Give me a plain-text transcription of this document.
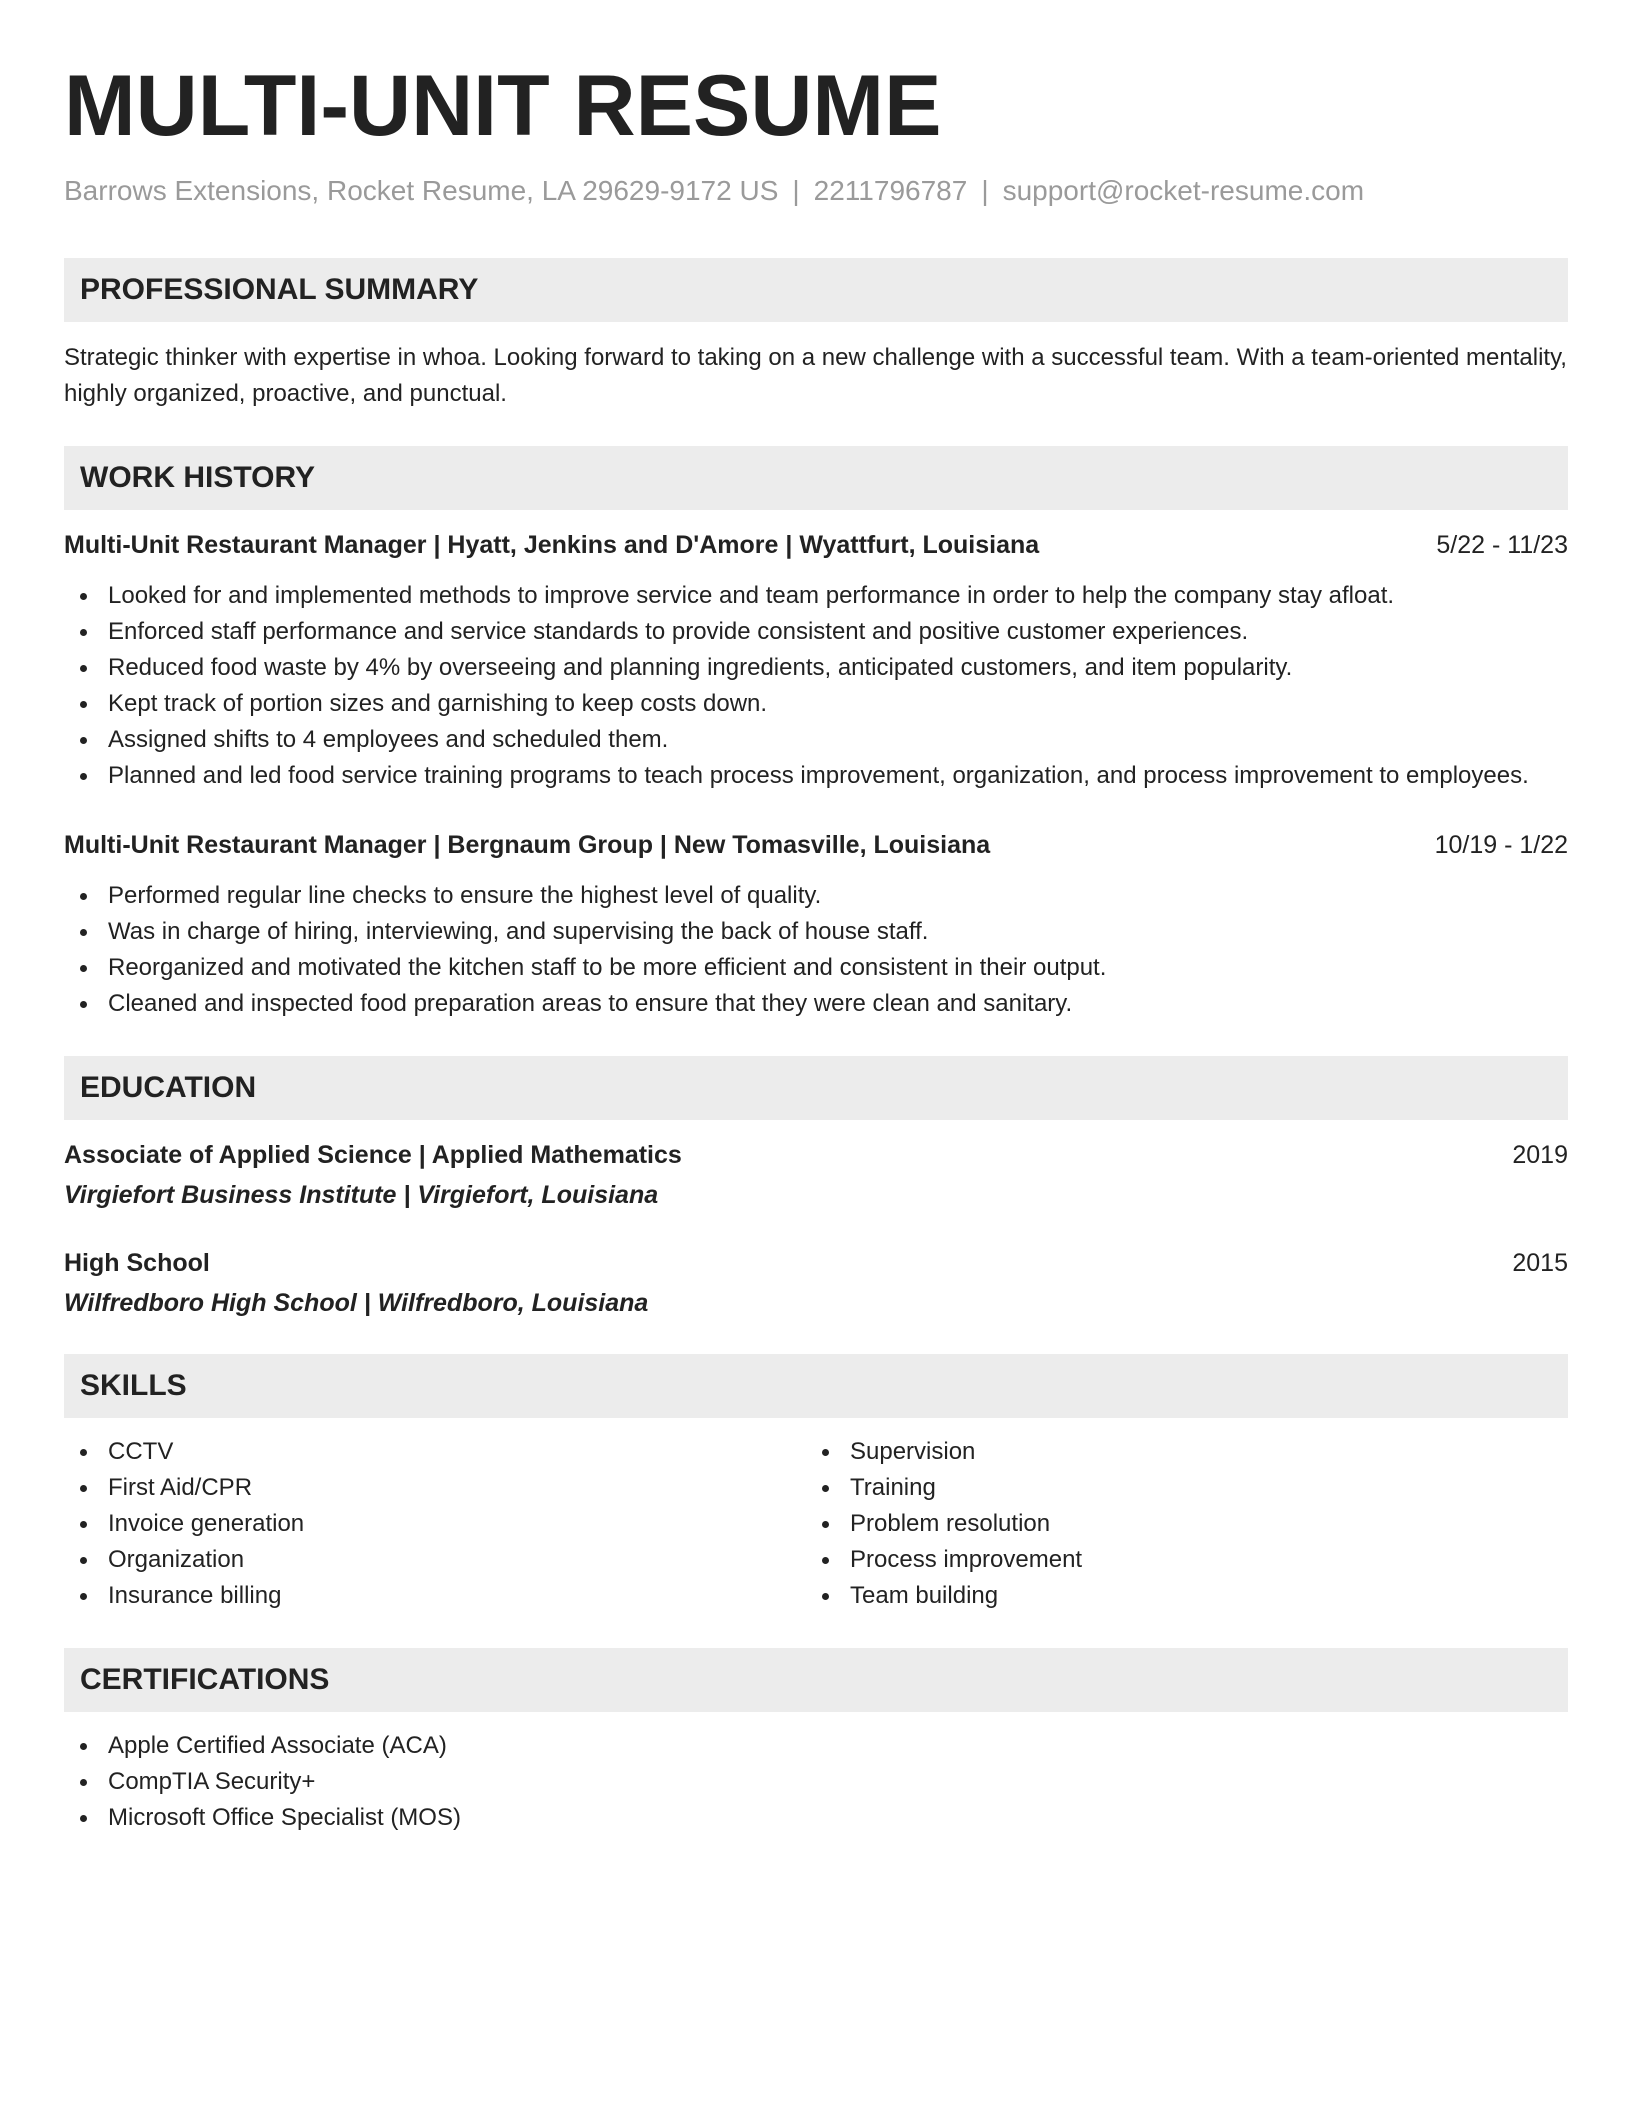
MULTI-UNIT RESUME
Barrows Extensions, Rocket Resume, LA 29629-9172 US | 2211796787 | support@rocket-resume.com
PROFESSIONAL SUMMARY

Strategic thinker with expertise in whoa. Looking forward to taking on a new challenge with a successful team. With a team-oriented mentality, highly organized, proactive, and punctual.

WORK HISTORY
Multi-Unit Restaurant Manager | Hyatt, Jenkins and D'Amore | Wyattfurt, Louisiana	5/22 - 11/23
Looked for and implemented methods to improve service and team performance in order to help the company stay afloat.
Enforced staff performance and service standards to provide consistent and positive customer experiences.
Reduced food waste by 4% by overseeing and planning ingredients, anticipated customers, and item popularity.
Kept track of portion sizes and garnishing to keep costs down.
Assigned shifts to 4 employees and scheduled them.
Planned and led food service training programs to teach process improvement, organization, and process improvement to employees.
Multi-Unit Restaurant Manager | Bergnaum Group | New Tomasville, Louisiana	10/19 - 1/22
Performed regular line checks to ensure the highest level of quality.
Was in charge of hiring, interviewing, and supervising the back of house staff.
Reorganized and motivated the kitchen staff to be more efficient and consistent in their output.
Cleaned and inspected food preparation areas to ensure that they were clean and sanitary.
EDUCATION
Associate of Applied Science | Applied Mathematics	2019
Virgiefort Business Institute | Virgiefort, Louisiana
High School	2015
Wilfredboro High School | Wilfredboro, Louisiana
SKILLS
CCTV
First Aid/CPR
Invoice generation
Organization
Insurance billing
Supervision
Training
Problem resolution
Process improvement
Team building
CERTIFICATIONS
Apple Certified Associate (ACA)
CompTIA Security+
Microsoft Office Specialist (MOS)
